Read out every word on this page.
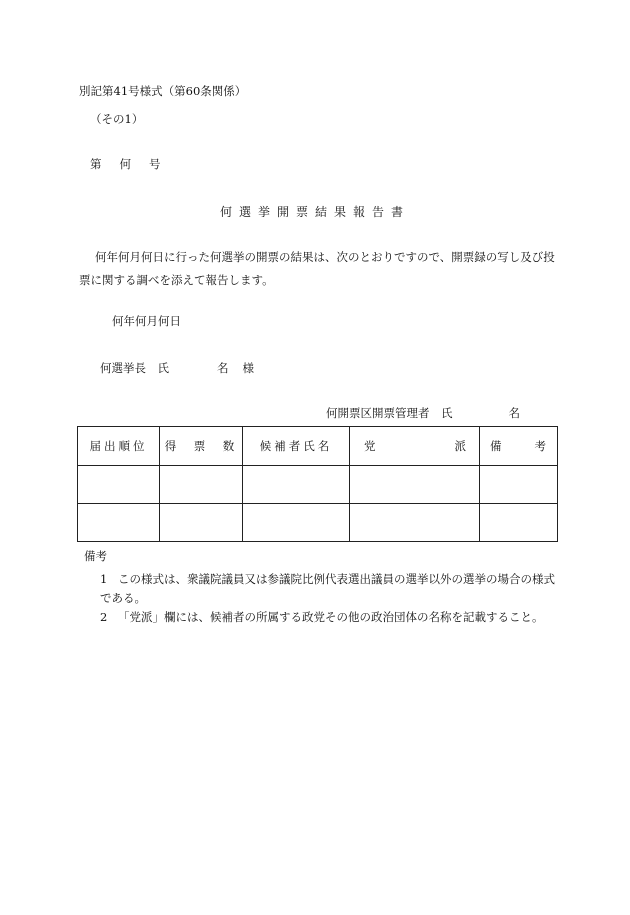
別記第41号様式（第60条関係）
（その1）
第 何 号
何選挙開票結果報告書
何年何月何日に行った何選挙の開票の結果は、次のとおりですので、開票録の写し及び投票に関する調べを添えて報告します。
何年何月何日
何選挙長　氏	名 様
何開票区開票管理者　氏	名
届出順位	得　票　数	候補者氏名	党 派	備 考

備考
1 この様式は、衆議院議員又は参議院比例代表選出議員の選挙以外の選挙の場合の様式である。
2 「党派」欄には、候補者の所属する政党その他の政治団体の名称を記載すること。
